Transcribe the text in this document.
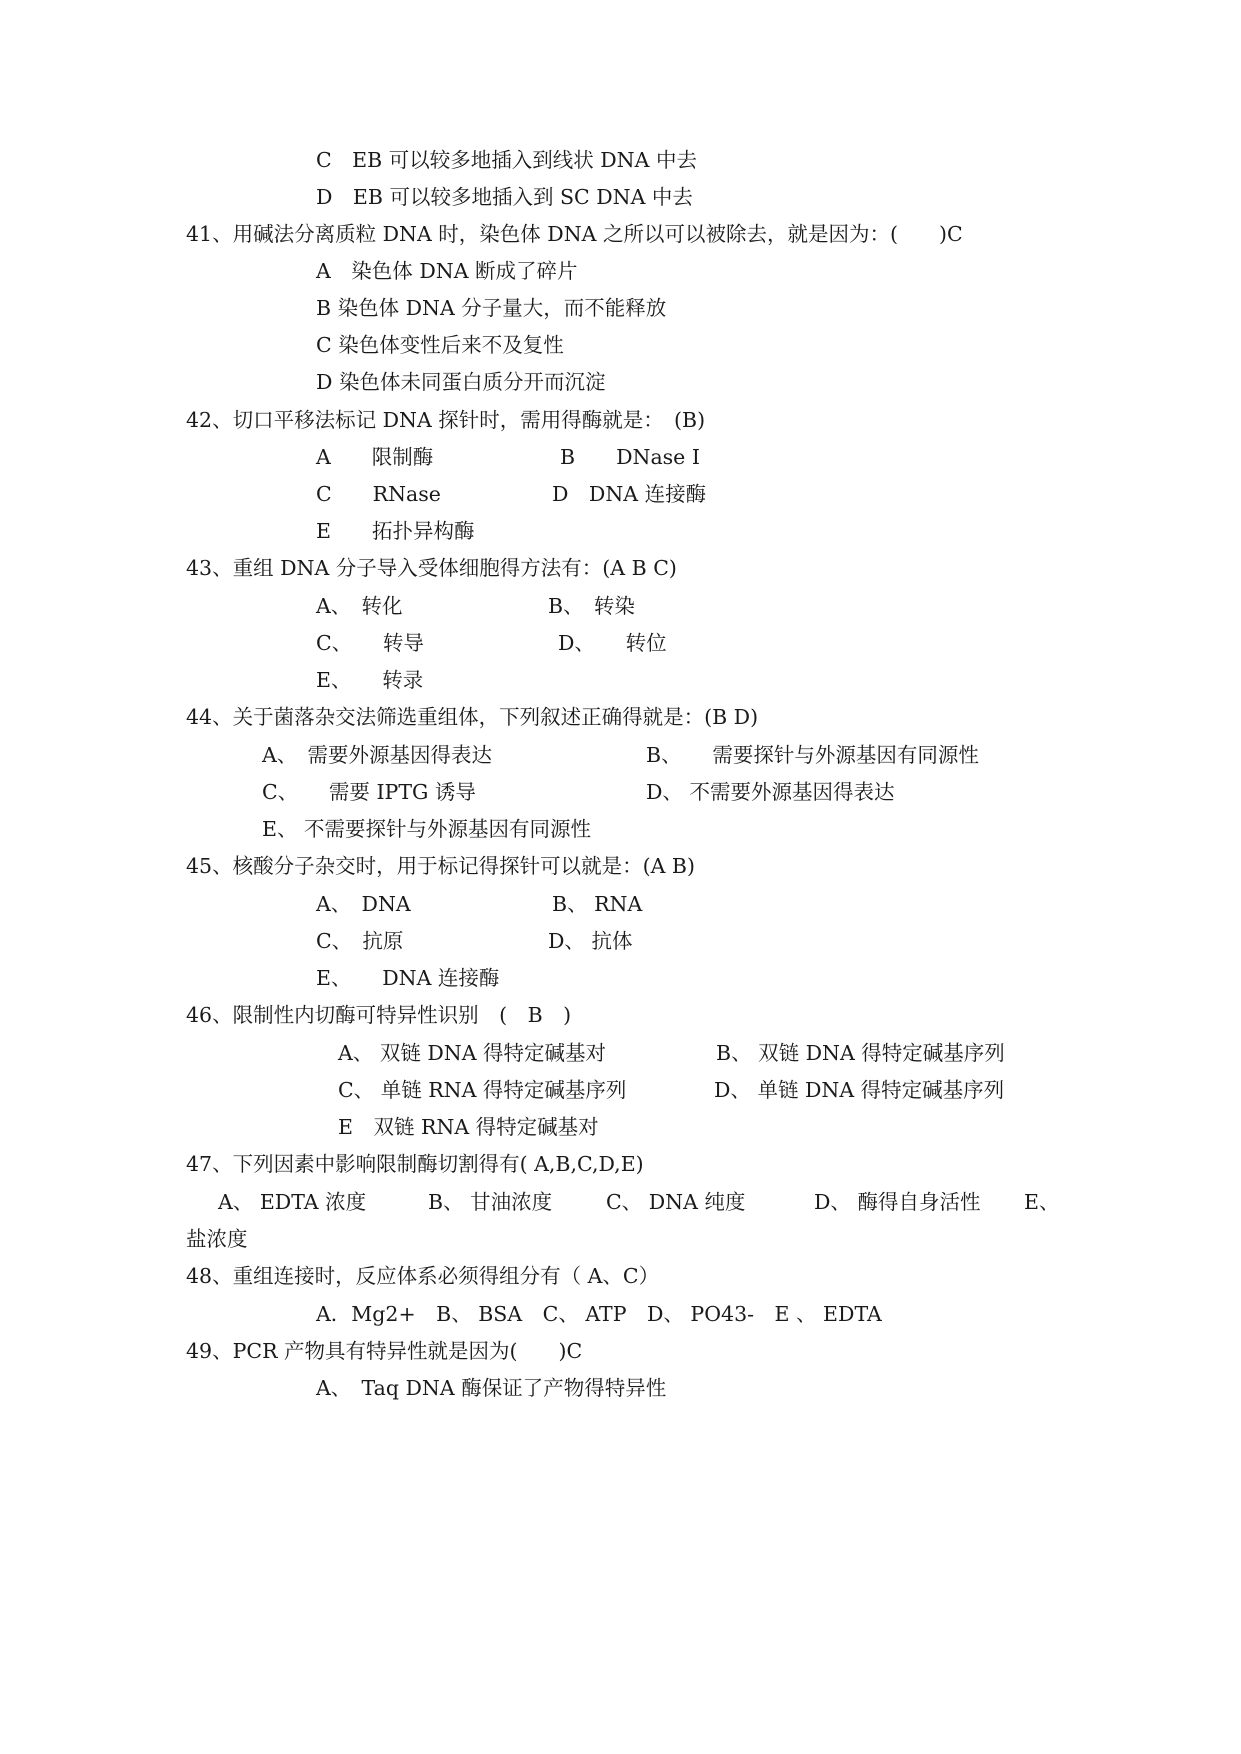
C　EB 可以较多地插入到线状 DNA 中去
D　EB 可以较多地插入到 SC DNA 中去
41、用碱法分离质粒 DNA 时，染色体 DNA 之所以可以被除去，就是因为：(　　)C
A　染色体 DNA 断成了碎片
B 染色体 DNA 分子量大，而不能释放
C 染色体变性后来不及复性
D 染色体未同蛋白质分开而沉淀
42、切口平移法标记 DNA 探针时，需用得酶就是：　(B)
A　　限制酶	B　　DNase I
C　　RNase	D　DNA 连接酶
E　　拓扑异构酶
43、重组 DNA 分子导入受体细胞得方法有：(A B C)
A、　转化	B、　转染
C、　　转导	D、　　转位
E、　　转录
44、关于菌落杂交法筛选重组体，下列叙述正确得就是：(B D)
A、　需要外源基因得表达	B、　　需要探针与外源基因有同源性
C、　　需要 IPTG 诱导	D、 不需要外源基因得表达
E、 不需要探针与外源基因有同源性
45、核酸分子杂交时，用于标记得探针可以就是：(A B)
A、　DNA	B、 RNA
C、　抗原	D、 抗体
E、　　DNA 连接酶
46、限制性内切酶可特异性识别　(　B　)
A、 双链 DNA 得特定碱基对	B、 双链 DNA 得特定碱基序列
C、 单链 RNA 得特定碱基序列	D、 单链 DNA 得特定碱基序列
E　双链 RNA 得特定碱基对
47、下列因素中影响限制酶切割得有( A,B,C,D,E)
A、 EDTA 浓度	B、 甘油浓度	C、 DNA 纯度	D、 酶得自身活性 E、
盐浓度
48、重组连接时，反应体系必须得组分有（ A、C）
A．Mg2+　B、 BSA　C、 ATP　D、 PO43-　E 、 EDTA
49、PCR 产物具有特异性就是因为(　　)C
A、　Taq DNA 酶保证了产物得特异性
